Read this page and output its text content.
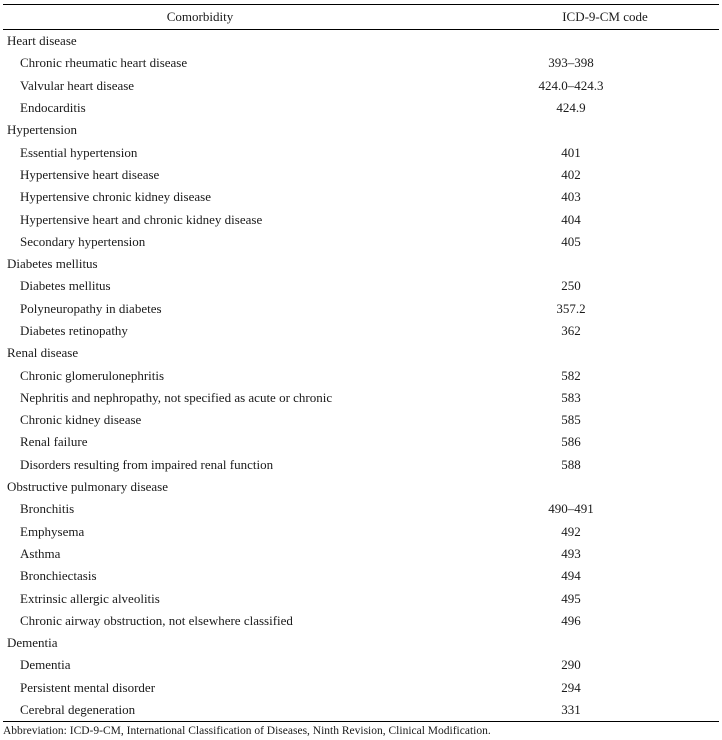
Comorbidity	ICD-9-CM code
Heart disease	
Chronic rheumatic heart disease	393–398
Valvular heart disease	424.0–424.3
Endocarditis	424.9
Hypertension	
Essential hypertension	401
Hypertensive heart disease	402
Hypertensive chronic kidney disease	403
Hypertensive heart and chronic kidney disease	404
Secondary hypertension	405
Diabetes mellitus	
Diabetes mellitus	250
Polyneuropathy in diabetes	357.2
Diabetes retinopathy	362
Renal disease	
Chronic glomerulonephritis	582
Nephritis and nephropathy, not specified as acute or chronic	583
Chronic kidney disease	585
Renal failure	586
Disorders resulting from impaired renal function	588
Obstructive pulmonary disease	
Bronchitis	490–491
Emphysema	492
Asthma	493
Bronchiectasis	494
Extrinsic allergic alveolitis	495
Chronic airway obstruction, not elsewhere classified	496
Dementia	
Dementia	290
Persistent mental disorder	294
Cerebral degeneration	331
Abbreviation: ICD-9-CM, International Classification of Diseases, Ninth Revision, Clinical Modification.
